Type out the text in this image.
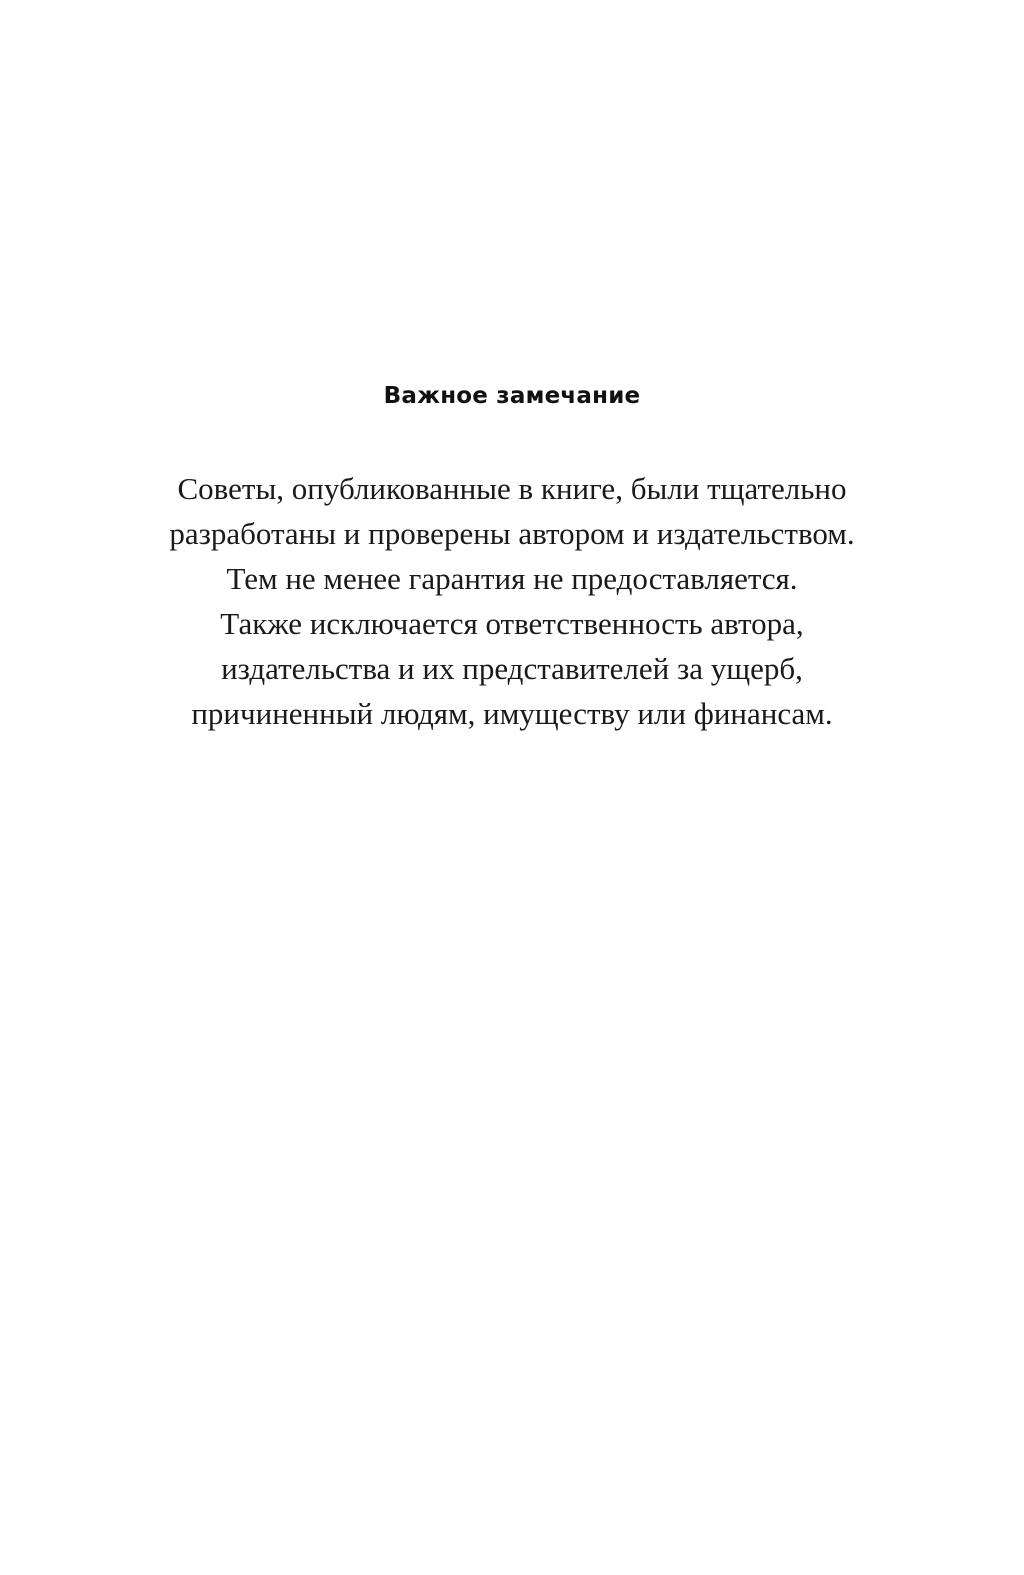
Важное замечание
Советы, опубликованные в книге, были тщательно
разработаны и проверены автором и издательством.
Тем не менее гарантия не предоставляется.
Также исключается ответственность автора,
издательства и их представителей за ущерб,
причиненный людям, имуществу или финансам.
